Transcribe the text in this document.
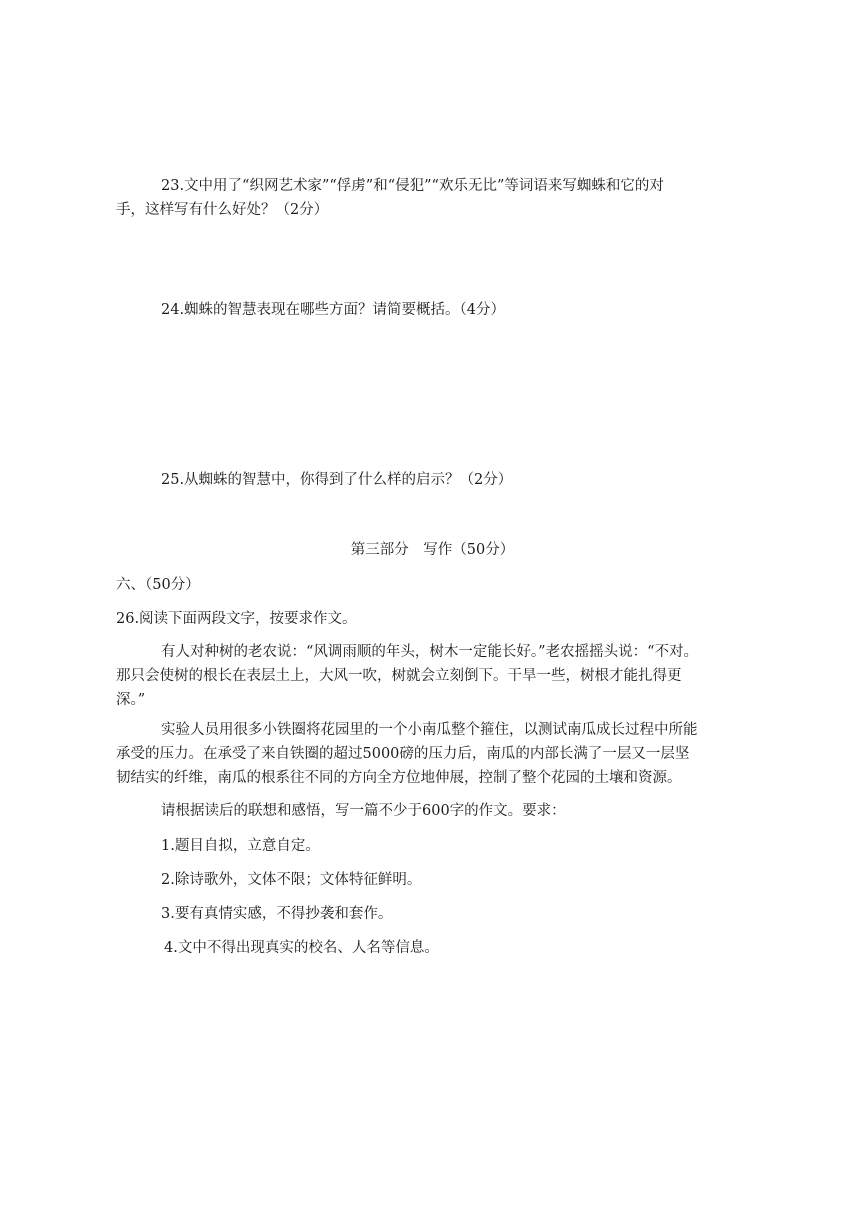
23.文中用了“织网艺术家”“俘虏”和“侵犯”“欢乐无比”等词语来写蜘蛛和它的对
手，这样写有什么好处？（2分）
24.蜘蛛的智慧表现在哪些方面？请简要概括。（4分）
25.从蜘蛛的智慧中，你得到了什么样的启示？（2分）
第三部分　写作（50分）
六、（50分）
26.阅读下面两段文字，按要求作文。
有人对种树的老农说：“风调雨顺的年头，树木一定能长好。”老农摇摇头说：“不对。
那只会使树的根长在表层土上，大风一吹，树就会立刻倒下。干旱一些，树根才能扎得更
深。”
实验人员用很多小铁圈将花园里的一个小南瓜整个箍住，以测试南瓜成长过程中所能
承受的压力。在承受了来自铁圈的超过5000磅的压力后，南瓜的内部长满了一层又一层坚
韧结实的纤维，南瓜的根系往不同的方向全方位地伸展，控制了整个花园的土壤和资源。
请根据读后的联想和感悟，写一篇不少于600字的作文。要求：
1.题目自拟，立意自定。
2.除诗歌外，文体不限；文体特征鲜明。
3.要有真情实感，不得抄袭和套作。
4.文中不得出现真实的校名、人名等信息。
